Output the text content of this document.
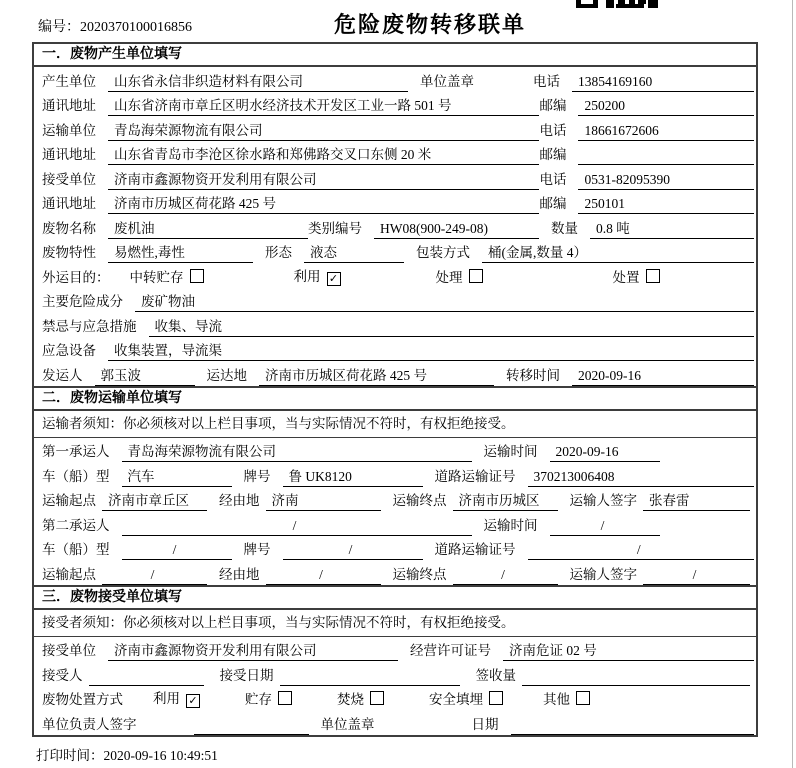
编号：2020370100016856	危险废物转移联单
一．废物产生单位填写
产生单位	山东省永信非织造材料有限公司	单位盖章	电话	13854169160
通讯地址	山东省济南市章丘区明水经济技术开发区工业一路 501 号	邮编	250200
运输单位	青岛海荣源物流有限公司	电话	18661672606
通讯地址	山东省青岛市李沧区徐水路和郑佛路交叉口东侧 20 米	邮编
接受单位	济南市鑫源物资开发利用有限公司	电话	0531-82095390
通讯地址	济南市历城区荷花路 425 号	邮编	250101
废物名称	废机油	类别编号	HW08(900-249-08)	数量	0.8 吨
废物特性	易燃性,毒性	形态	液态	包装方式	桶(金属,数量 4）
外运目的： 中转贮存	利用 ✓	处理	处置
主要危险成分	废矿物油
禁忌与应急措施	收集、导流
应急设备	收集装置，导流渠
发运人	郭玉波	运达地	济南市历城区荷花路 425 号	转移时间	2020-09-16
二．废物运输单位填写
运输者须知：你必须核对以上栏目事项，当与实际情况不符时，有权拒绝接受。
第一承运人	青岛海荣源物流有限公司	运输时间	2020-09-16
车（船）型	汽车	牌号	鲁 UK8120	道路运输证号	370213006408
运输起点 济南市章丘区	经由地 济南	运输终点 济南市历城区	运输人签字 张春雷
第二承运人	/	运输时间	/
车（船）型	/	牌号	/	道路运输证号	/
运输起点	/	经由地	/	运输终点	/	运输人签字	/
三．废物接受单位填写
接受者须知：你必须核对以上栏目事项，当与实际情况不符时，有权拒绝接受。
接受单位	济南市鑫源物资开发利用有限公司	经营许可证号	济南危证 02 号
接受人	接受日期	签收量
废物处置方式 利用 ✓	贮存	焚烧	安全填埋	其他
单位负责人签字	单位盖章	日期
打印时间：2020-09-16 10:49:51
